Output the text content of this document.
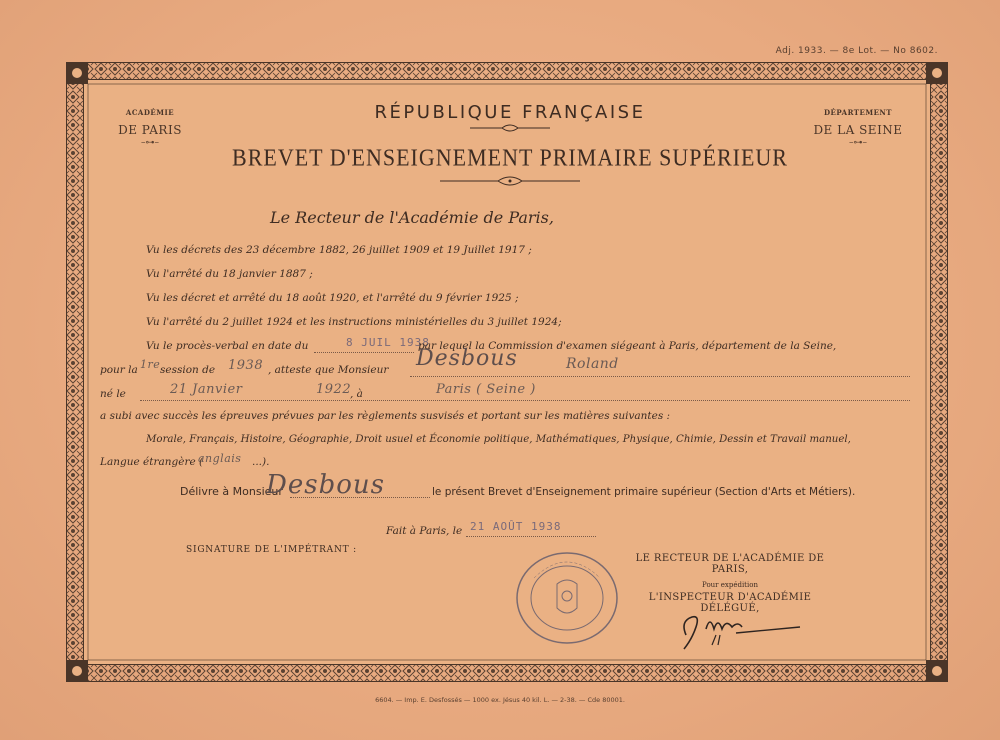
Adj. 1933. — 8e Lot. — No 8602.
ACADÉMIE
DE PARIS
–⊶–
DÉPARTEMENT
DE LA SEINE
–⊶–
RÉPUBLIQUE FRANÇAISE
BREVET D'ENSEIGNEMENT PRIMAIRE SUPÉRIEUR
Le Recteur de l'Académie de Paris,
Vu les décrets des 23 décembre 1882, 26 juillet 1909 et 19 Juillet 1917 ;
Vu l'arrêté du 18 janvier 1887 ;
Vu les décret et arrêté du 18 août 1920, et l'arrêté du 9 février 1925 ;
Vu l'arrêté du 2 juillet 1924 et les instructions ministérielles du 3 juillet 1924;
Vu le procès-verbal en date du	8 JUIL 1938
par lequel la Commission d'examen siégeant à Paris, département de la Seine,
pour la 1re session de 1938 , atteste que Monsieur Desbous	Roland
né le	21 Janvier	1922
, à	Paris ( Seine )
a subi avec succès les épreuves prévues par les règlements susvisés et portant sur les matières suivantes :
Morale, Français, Histoire, Géographie, Droit usuel et Économie politique, Mathématiques, Physique, Chimie, Dessin et Travail manuel,
Langue étrangère (
anglais ...).
Délivre à Monsieur
Desbous	le présent Brevet d'Enseignement primaire supérieur (Section d'Arts et Métiers).
Fait à Paris, le 21 AOÛT 1938
SIGNATURE DE L'IMPÉTRANT :
LE RECTEUR DE L'ACADÉMIE DE PARIS,
Pour expédition
L'INSPECTEUR D'ACADÉMIE DÉLÉGUÉ,
6604. — Imp. E. Desfossés — 1000 ex. Jésus 40 kil. L. — 2-38. — Cde 80001.
